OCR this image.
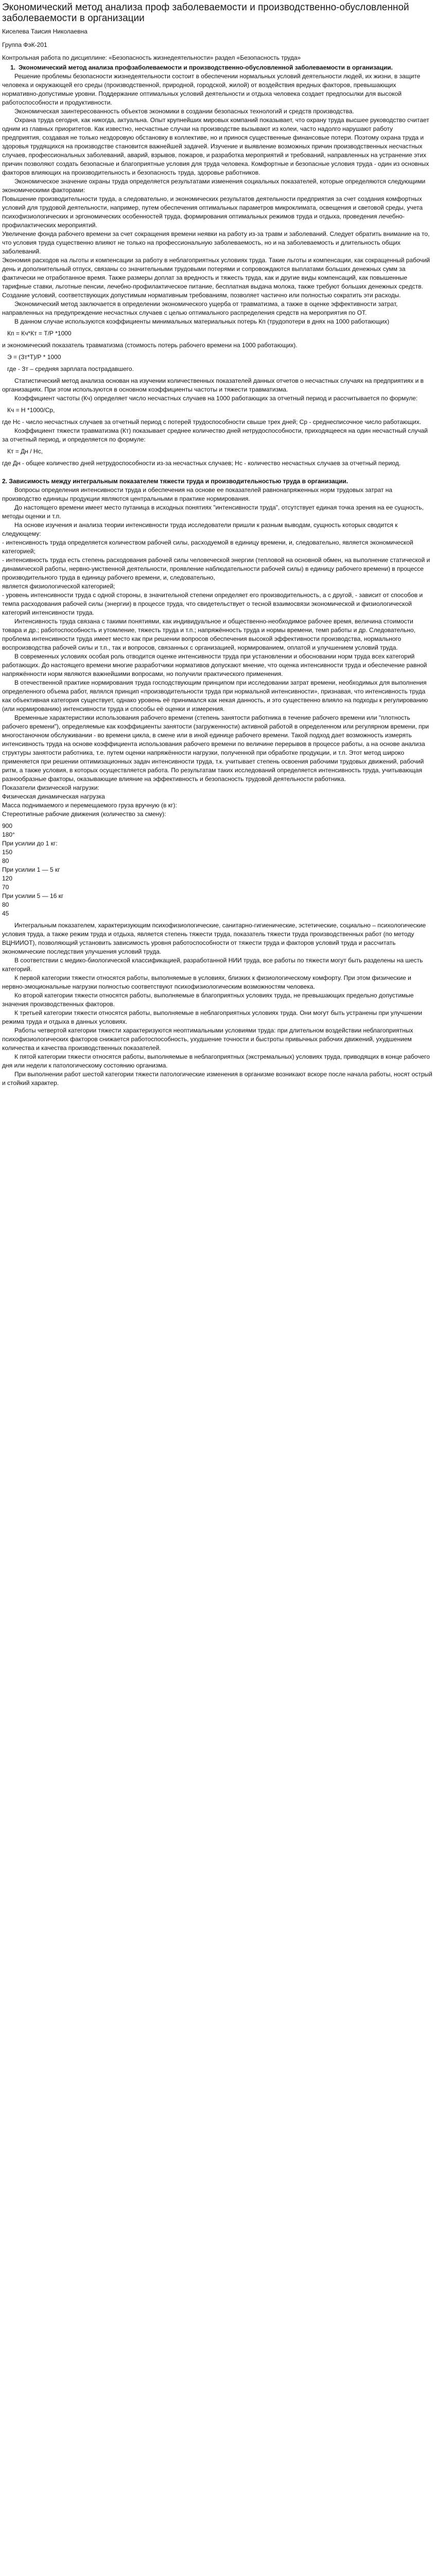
Экономический метод анализа проф заболеваемости и производственно-обусловленной заболеваемости в организации

Киселева Таисия Николаевна

Группа ФэК-201

Контрольная работа по дисциплине: «Безопасность жизнедеятельности» раздел «Безопасность труда»

1. Экономический метод анализа профзаболеваемости и производственно-обусловленной заболеваемости в организации.

Решение проблемы безопасности жизнедеятельности состоит в обеспечении нормальных условий деятельности людей, их жизни, в защите человека и окружающей его среды (производственной, природной, городской, жилой) от воздействия вредных факторов, превышающих нормативно-допустимые уровни. Поддержание оптимальных условий деятельности и отдыха человека создает предпосылки для высокой работоспособности и продуктивности.

Экономическая заинтересованность объектов экономики в создании безопасных технологий и средств производства.

Охрана труда сегодня, как никогда, актуальна. Опыт крупнейших мировых компаний показывает, что охрану труда высшее руководство считает одним из главных приоритетов. Как известно, несчастные случаи на производстве вызывают из колеи, часто надолго нарушают работу предприятия, создавая не только нездоровую обстановку в коллективе, но и принося существенные финансовые потери. Поэтому охрана труда и здоровья трудящихся на производстве становится важнейшей задачей. Изучение и выявление возможных причин производственных несчастных случаев, профессиональных заболеваний, аварий, взрывов, пожаров, и разработка мероприятий и требований, направленных на устранение этих причин позволяют создать безопасные и благоприятные условия для труда человека. Комфортные и безопасные условия труда - один из основных факторов влияющих на производительность и безопасность труда, здоровье работников.

Экономическое значение охраны труда определяется результатами изменения социальных показателей, которые определяются следующими экономическими факторами:

Повышение производительности труда, а следовательно, и экономических результатов деятельности предприятия за счет создания комфортных условий для трудовой деятельности, например, путем обеспечения оптимальных параметров микроклимата, освещения и световой среды, учета психофизиологических и эргономических особенностей труда, формирования оптимальных режимов труда и отдыха, проведения лечебно-профилактических мероприятий.

Увеличение фонда рабочего времени за счет сокращения времени неявки на работу из-за травм и заболеваний. Следует обратить внимание на то, что условия труда существенно влияют не только на профессиональную заболеваемость, но и на заболеваемость и длительность общих заболеваний.

Экономия расходов на льготы и компенсации за работу в неблагоприятных условиях труда. Такие льготы и компенсации, как сокращенный рабочий день и дополнительный отпуск, связаны со значительными трудовыми потерями и сопровождаются выплатами больших денежных сумм за фактически не отработанное время. Также размеры доплат за вредность и тяжесть труда, как и другие виды компенсаций, как повышенные тарифные ставки, льготные пенсии, лечебно-профилактическое питание, бесплатная выдача молока, также требуют больших денежных средств. Создание условий, соответствующих допустимым нормативным требованиям, позволяет частично или полностью сократить эти расходы.

Экономический метод заключается в определении экономического ущерба от травматизма, а также в оценке эффективности затрат, направленных на предупреждение несчастных случаев с целью оптимального распределения средств на мероприятия по ОТ.

В данном случае используются коэффициенты минимальных материальных потерь Кп (трудопотери в днях на 1000 работающих)

Кп = Кч*Кт = Т/Р *1000

и экономический показатель травматизма (стоимость потерь рабочего времени на 1000 работающих).

Э = (Зт*Т)/Р * 1000

где - Зт – средняя зарплата пострадавшего.

Статистический метод анализа основан на изучении количественных показателей данных отчетов о несчастных случаях на предприятиях и в организациях. При этом используются в основном коэффициенты частоты и тяжести травматизма.

Коэффициент частоты (Кч) определяет число несчастных случаев на 1000 работающих за отчетный период и рассчитывается по формуле:

Кч = Н *1000/Ср,

где Нс - число несчастных случаев за отчетный период с потерей трудоспособности свыше трех дней; Ср - среднесписочное число работающих.

Коэффициент тяжести травматизма (Кт) показывает среднее количество дней нетрудоспособности, приходящееся на один несчастный случай за отчетный период, и определяется по формуле:

Кт = Дн / Нс,

где Дн - общее количество дней нетрудоспособности из-за несчастных случаев; Нс - количество несчастных случаев за отчетный период.

2. Зависимость между интегральным показателем тяжести труда и производительностью труда в организации.

Вопросы определения интенсивности труда и обеспечения на основе ее показателей равнонапряженных норм трудовых затрат на производство единицы продукции являются центральными в практике нормирования.

До настоящего времени имеет место путаница в исходных понятиях "интенсивности труда", отсутствует единая точка зрения на ее сущность, методы оценки и т.п.

На основе изучения и анализа теории интенсивности труда исследователи пришли к разным выводам, сущность которых сводится к следующему:

- интенсивность труда определяется количеством рабочей силы, расходуемой в единицу времени, и, следовательно, является экономической категорией;

- интенсивность труда есть степень расходования рабочей силы человеческой энергии (тепловой на основной обмен, на выполнение статической и динамической работы, нервно-умственной деятельности, проявление наблюдательности рабочей силы) в единицу рабочего времени) в процессе производительного труда в единицу рабочего времени, и, следовательно,

является физиологической категорией;

- уровень интенсивности труда с одной стороны, в значительной степени определяет его производительность, а с другой, - зависит от способов и темпа расходования рабочей силы (энергии) в процессе труда, что свидетельствует о тесной взаимосвязи экономической и физиологической категорий интенсивности труда.

Интенсивность труда связана с такими понятиями, как индивидуальное и общественно-необходимое рабочее время, величина стоимости товара и др.; работоспособность и утомление, тяжесть труда и т.п.; напряжённость труда и нормы времени, темп работы и др. Следовательно, проблема интенсивности труда имеет место как при решении вопросов обеспечения высокой эффективности производства, нормального воспроизводства рабочей силы и т.п., так и вопросов, связанных с организацией, нормированием, оплатой и улучшением условий труда.

В современных условиях особая роль отводится оценке интенсивности труда при установлении и обосновании норм труда всех категорий работающих. До настоящего времени многие разработчики нормативов допускают мнение, что оценка интенсивности труда и обеспечение равной напряжённости норм являются важнейшими вопросами, но получили практического применения.

В отечественной практике нормирования труда господствующим принципом при исследовании затрат времени, необходимых для выполнения определенного объема работ, являлся принцип «производительности труда при нормальной интенсивности», признавая, что интенсивность труда как объективная категория существует, однако уровень её принимался как некая данность, и это существенно влияло на подходы к регулированию (или нормированию) интенсивности труда и способы её оценки и измерения.

Временные характеристики использования рабочего времени (степень занятости работника в течение рабочего времени или "плотность рабочего времени"), определяемые как коэффициенты занятости (загруженности) активной работой в определенном или регулярном времени, при многостаночном обслуживании - во времени цикла, в смене или в иной единице рабочего времени. Такой подход дает возможность измерять интенсивность труда на основе коэффициента использования рабочего времени по величине перерывов в процессе работы, а на основе анализа структуры занятости работника, т.е. путем оценки напряжённости нагрузки, полученной при обработке продукции, и т.п. Этот метод широко применяется при решении оптимизационных задач интенсивности труда, т.к. учитывает степень освоения рабочими трудовых движений, рабочий ритм, а также условия, в которых осуществляется работа. По результатам таких исследований определяется интенсивность труда, учитывающая разнообразные факторы, оказывающие влияние на эффективность и безопасность трудовой деятельности работника.

Показатели физической нагрузки:

Физическая динамическая нагрузка

Масса поднимаемого и перемещаемого груза вручную (в кг):

Стереотипные рабочие движения (количество за смену):

900

180°

При усилии до 1 кг:

150

80

При усилии 1 — 5 кг

120

70

При усилии 5 — 16 кг

80

45

Интегральным показателем, характеризующим психофизиологические, санитарно-гигиенические, эстетические, социально – психологические условия труда, а также режим труда и отдыха, является степень тяжести труда, показатель тяжести труда производственных работ (по методу ВЦНИИОТ), позволяющий установить зависимость уровня работоспособности от тяжести труда и факторов условий труда и рассчитать экономические последствия улучшения условий труда.

В соответствии с медико-биологической классификацией, разработанной НИИ труда, все работы по тяжести могут быть разделены на шесть категорий.

К первой категории тяжести относятся работы, выполняемые в условиях, близких к физиологическому комфорту. При этом физические и нервно-эмоциональные нагрузки полностью соответствуют психофизиологическим возможностям человека.

Ко второй категории тяжести относятся работы, выполняемые в благоприятных условиях труда, не превышающих предельно допустимые значения производственных факторов.

К третьей категории тяжести относятся работы, выполняемые в неблагоприятных условиях труда. Они могут быть устранены при улучшении режима труда и отдыха в данных условиях.

Работы четвертой категории тяжести характеризуются неоптимальными условиями труда: при длительном воздействии неблагоприятных психофизиологических факторов снижается работоспособность, ухудшение точности и быстроты привычных рабочих движений, ухудшением количества и качества производственных показателей.

К пятой категории тяжести относятся работы, выполняемые в неблагоприятных (экстремальных) условиях труда, приводящих в конце рабочего дня или недели к патологическому состоянию организма.

При выполнении работ шестой категории тяжести патологические изменения в организме возникают вскоре после начала работы, носят острый и стойкий характер.
